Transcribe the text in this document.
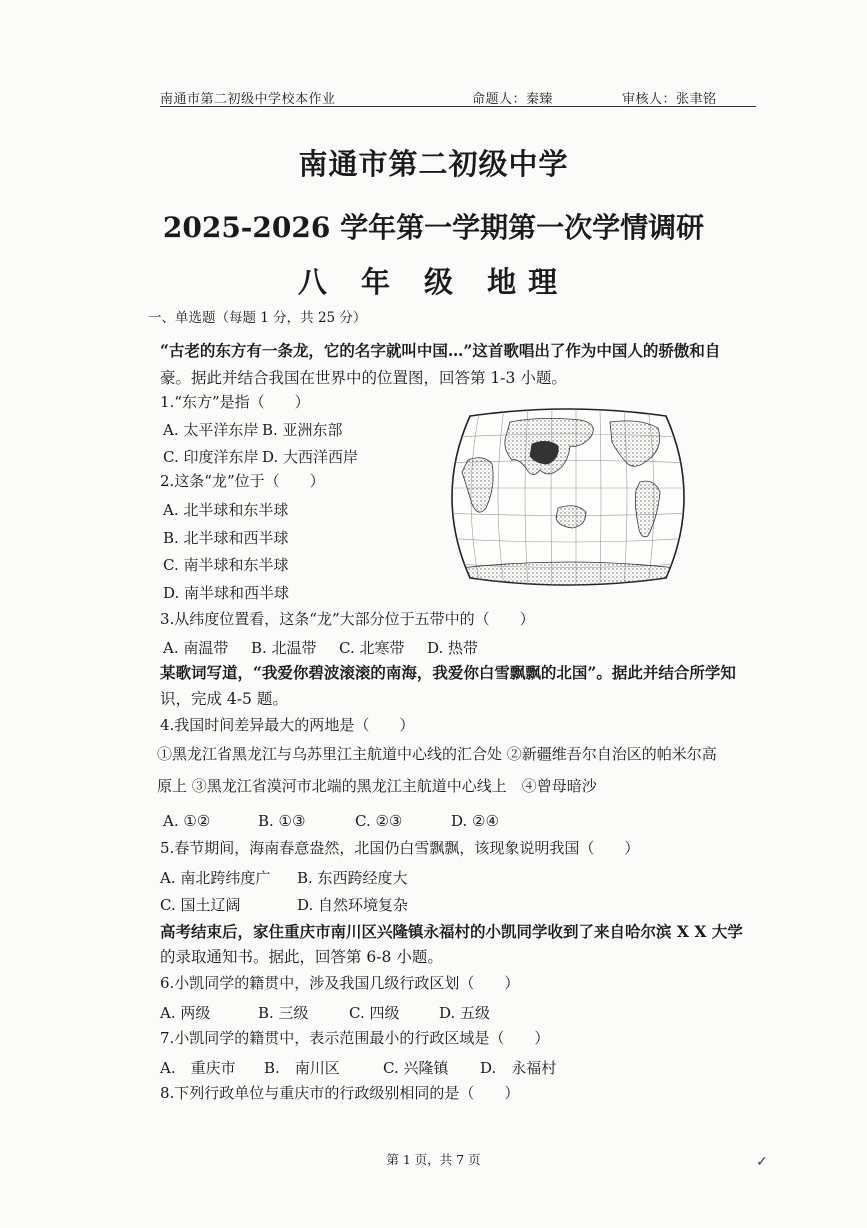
南通市第二初级中学校本作业	命题人：秦臻	审核人：张聿铭
南通市第二初级中学
2025-2026 学年第一学期第一次学情调研
八 年 级 地理
一、单选题（每题 1 分，共 25 分）
“古老的东方有一条龙，它的名字就叫中国…”这首歌唱出了作为中国人的骄傲和自
豪。据此并结合我国在世界中的位置图，回答第 1-3 小题。
1.“东方”是指（　　）
A. 太平洋东岸 B. 亚洲东部
C. 印度洋东岸 D. 大西洋西岸
2.这条“龙”位于（　　）
A. 北半球和东半球
B. 北半球和西半球
C. 南半球和东半球
D. 南半球和西半球
3.从纬度位置看，这条“龙”大部分位于五带中的（　　）
A. 南温带 B. 北温带 C. 北寒带 D. 热带
某歌词写道，“我爱你碧波滚滚的南海，我爱你白雪飘飘的北国”。据此并结合所学知
识，完成 4-5 题。
4.我国时间差异最大的两地是（　　）
①黑龙江省黑龙江与乌苏里江主航道中心线的汇合处 ②新疆维吾尔自治区的帕米尔高
原上 ③黑龙江省漠河市北端的黑龙江主航道中心线上　④曾母暗沙
A. ①②	B. ①③	C. ②③	D. ②④
5.春节期间，海南春意盎然，北国仍白雪飘飘，该现象说明我国（　　）
A. 南北跨纬度广 B. 东西跨经度大
C. 国土辽阔	D. 自然环境复杂
高考结束后，家住重庆市南川区兴隆镇永福村的小凯同学收到了来自哈尔滨 X X 大学
的录取通知书。据此，回答第 6-8 小题。
6.小凯同学的籍贯中，涉及我国几级行政区划（　　）
A. 两级	B. 三级	C. 四级	D. 五级
7.小凯同学的籍贯中，表示范围最小的行政区域是（　　）
A.　重庆市 B.　南川区	C. 兴隆镇 D.　永福村
8.下列行政单位与重庆市的行政级别相同的是（　　）
第 1 页，共 7 页	✓
